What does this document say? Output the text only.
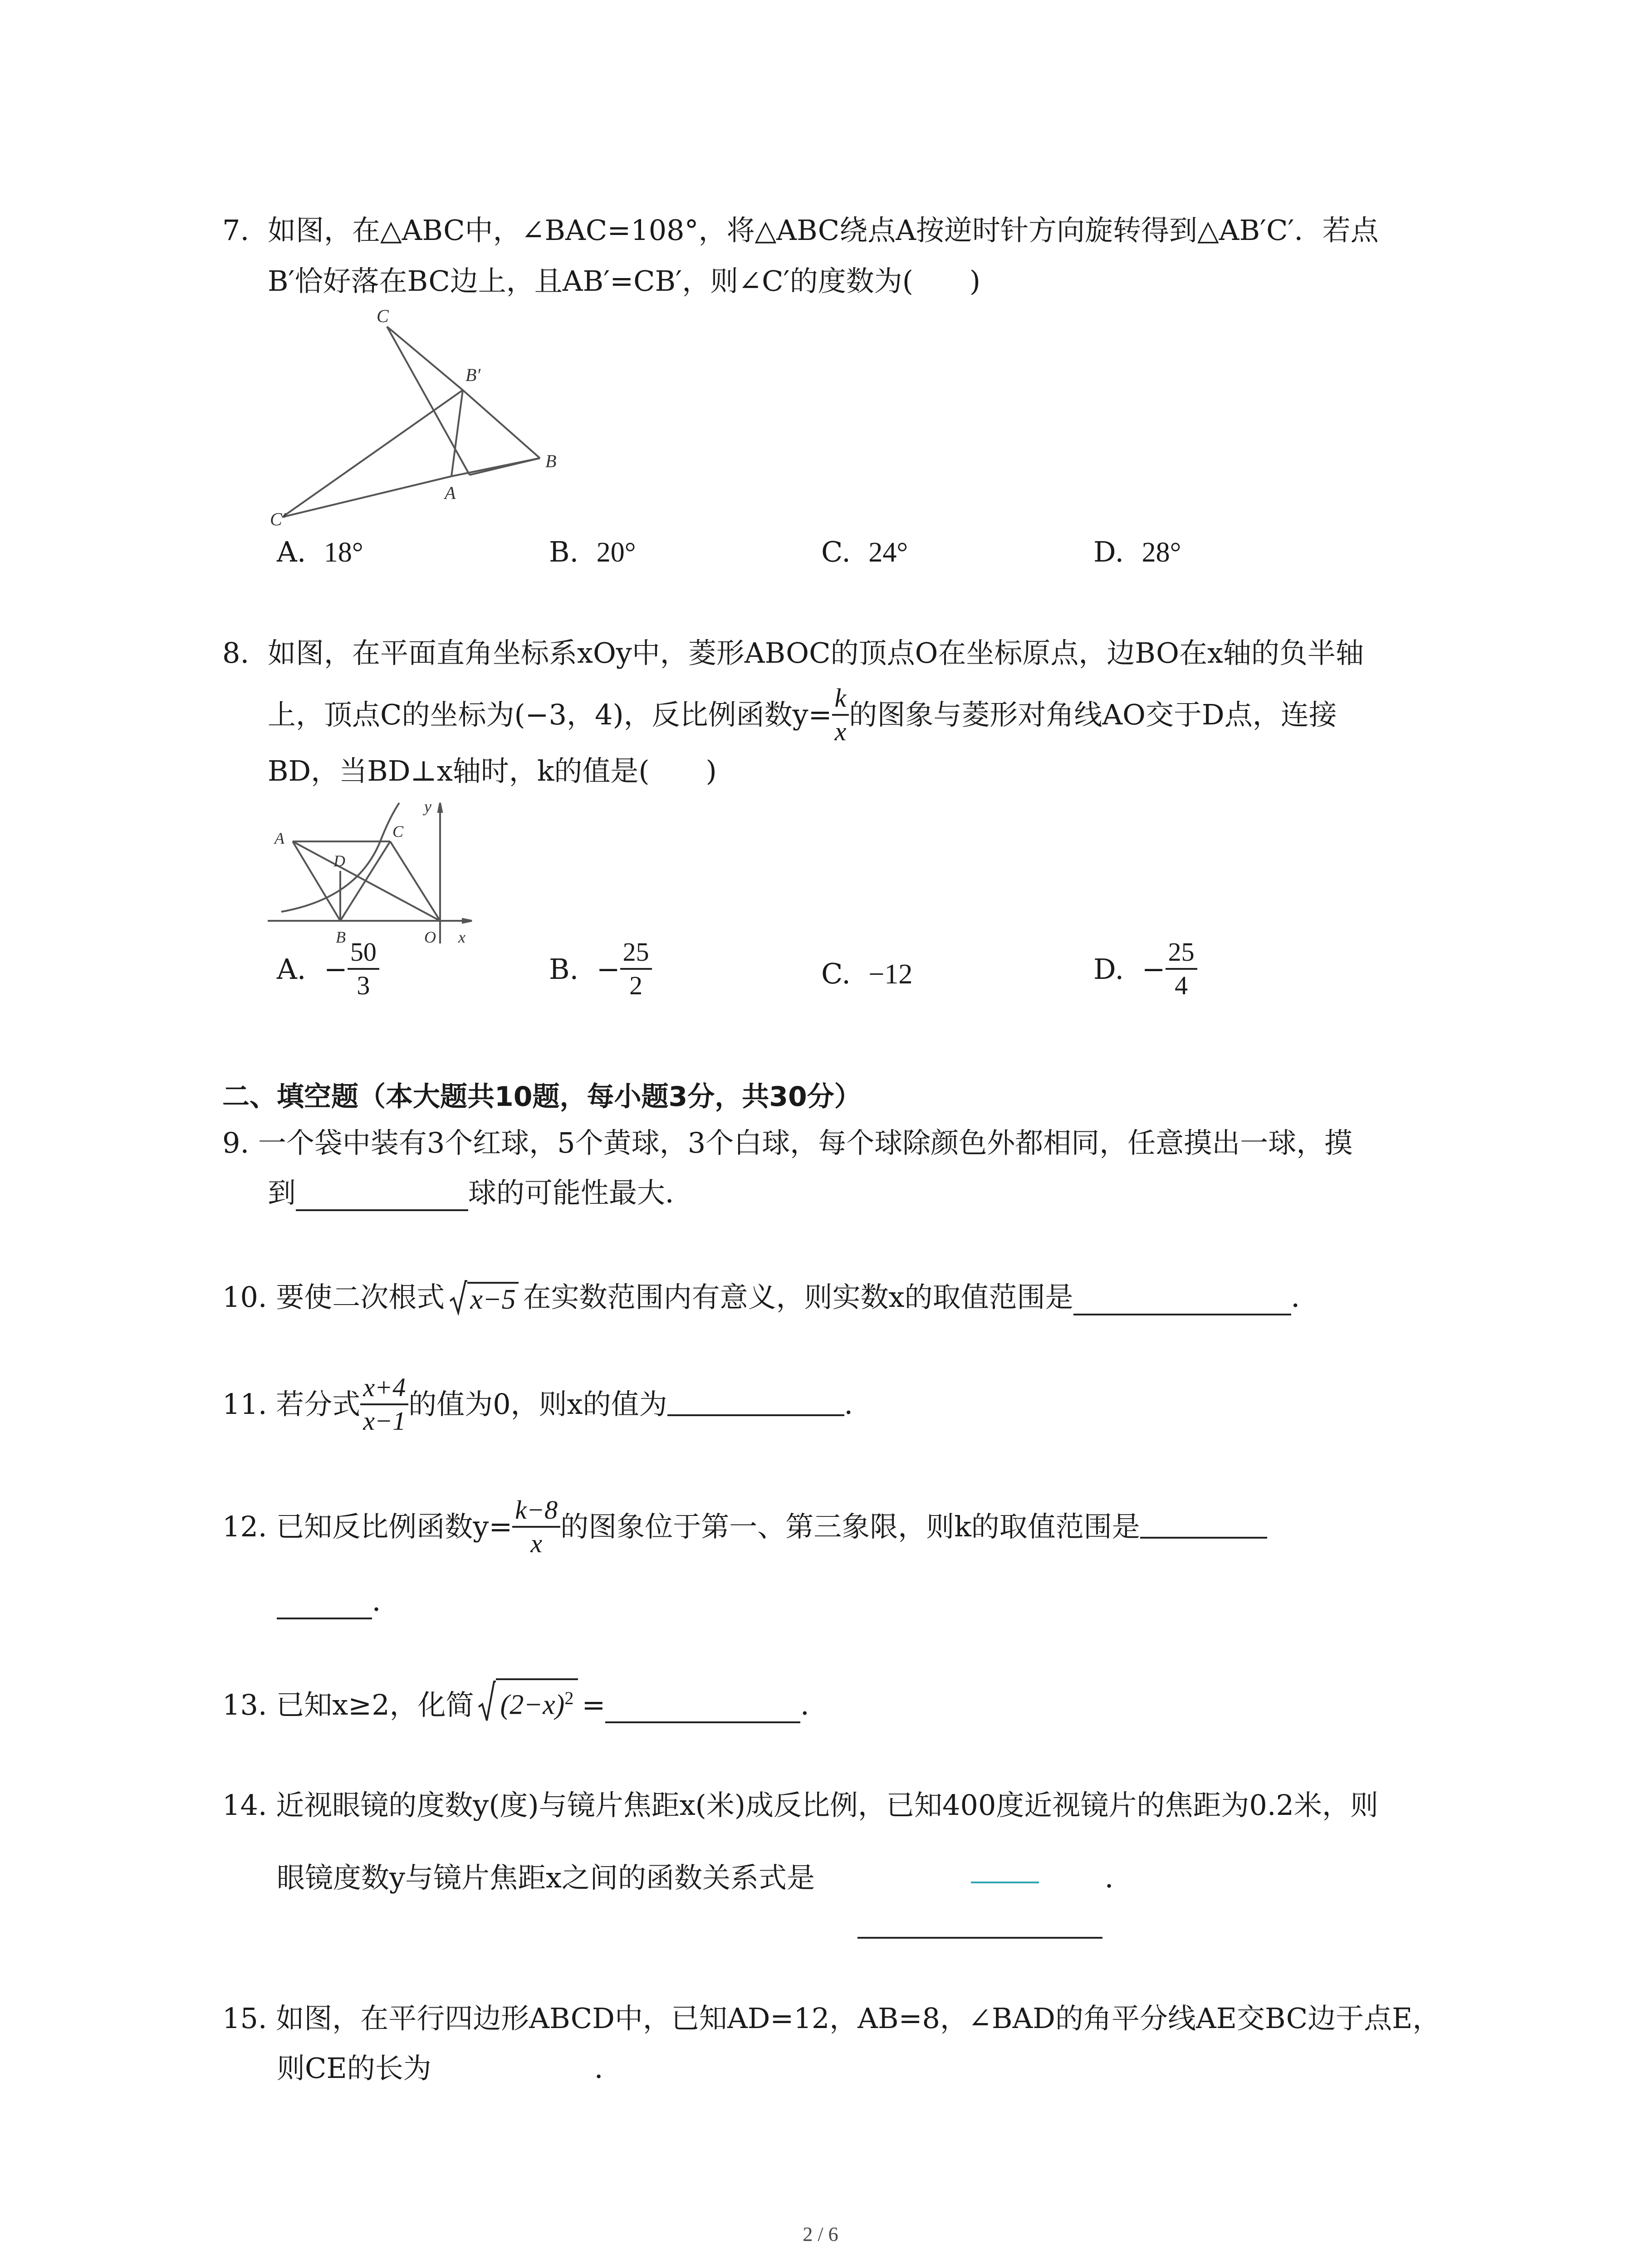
7. 如图，在△ABC中，∠BAC=108°，将△ABC绕点A按逆时针方向旋转得到△AB′C′．若点
B′恰好落在BC边上，且AB′=CB′，则∠C′的度数为(　　)
C
B′
A
B
C′
A. 18°	B. 20°	C. 24°	D. 28°
8. 如图，在平面直角坐标系xOy中，菱形ABOC的顶点O在坐标原点，边BO在x轴的负半轴
上，顶点C的坐标为(−3，4)，反比例函数$y= \frac{k}{x}$ 的图象与菱形对角线AO交于D点，连接
BD，当BD⊥x轴时，k的值是(　　)
A
D
C
y
B	O x
A.
− $\frac{50}{3}$	B.
− $\frac{25}{2}$	C. −12	D.
− $\frac{25}{4}$
二、填空题（本大题共10题，每小题3分，共30分）
9. 一个袋中装有3个红球，5个黄球，3个白球，每个球除颜色外都相同，任意摸出一球，摸
到	球的可能性最大．
10. 要使二次根式 x−5 在实数范围内有意义，则实数x的取值范围是	．
11. 若分式 $\frac{x+4}{x-1}$ 的值为0，则x的值为	．
12. 已知反比例函数$y= \frac{k-8}{x}$ 的图象位于第一、第三象限，则k的取值范围是
．
13. 已知x≥2，化简 $(2-x)^2$ =	．
14. 近视眼镜的度数y(度)与镜片焦距x(米)成反比例，已知400度近视镜片的焦距为0.2米，则
眼镜度数y与镜片焦距x之间的函数关系式是	．
15. 如图，在平行四边形ABCD中，已知AD=12，AB=8，∠BAD的角平分线AE交BC边于点E，
则CE的长为	．
2 / 6
